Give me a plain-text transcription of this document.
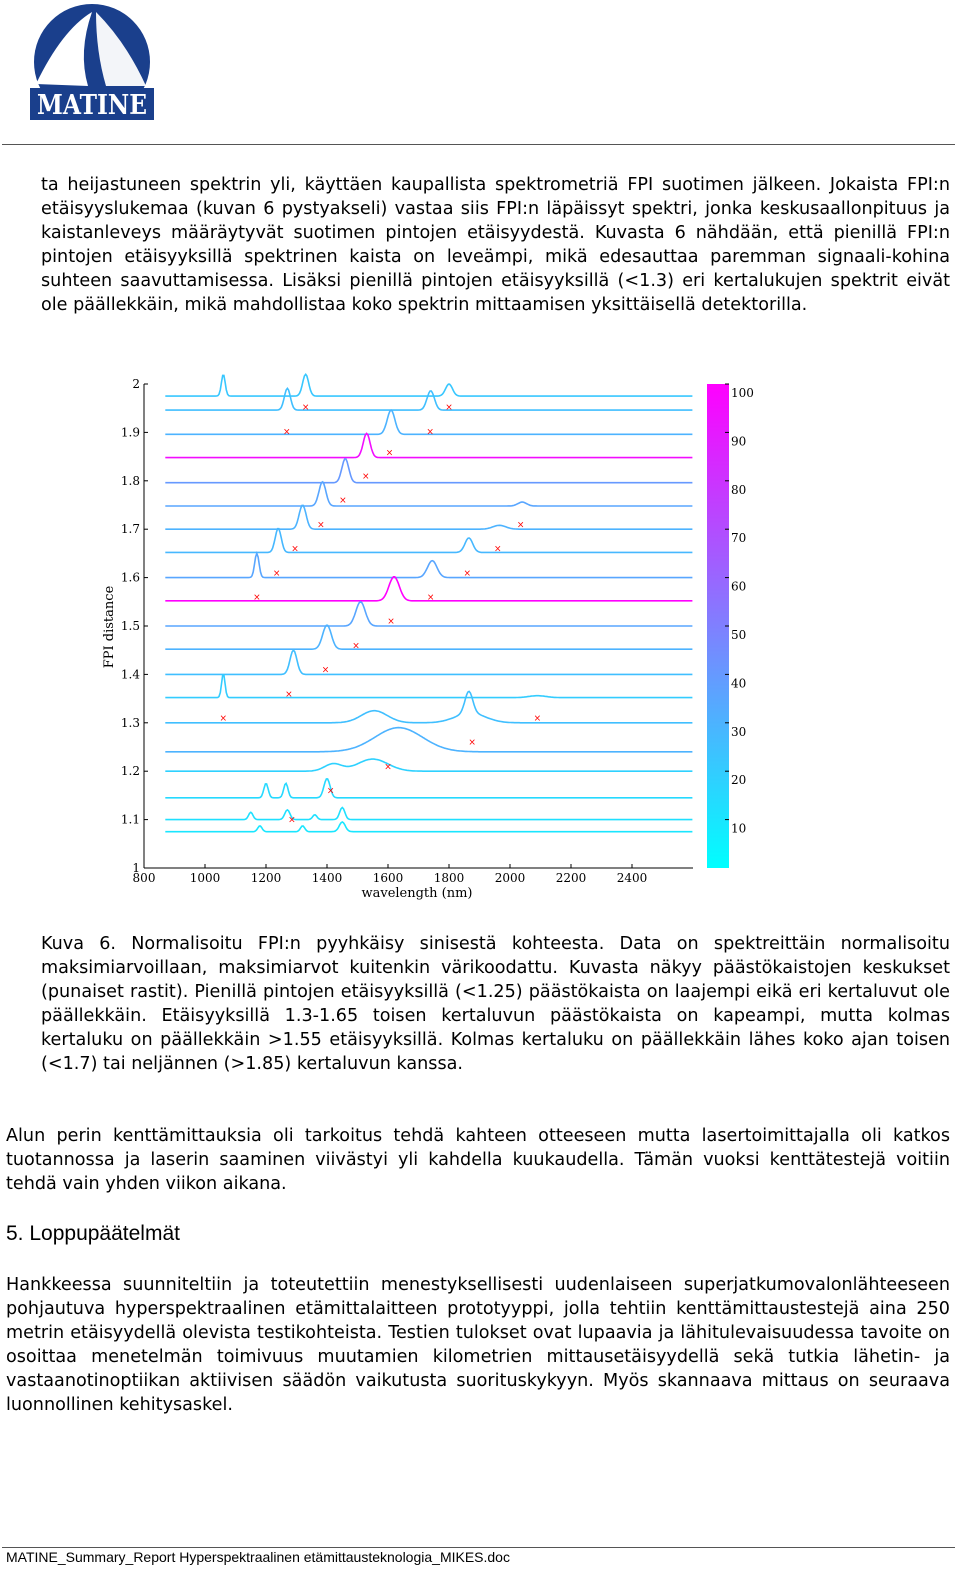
MATINE

ta heijastuneen spektrin yli, käyttäen kaupallista spektrometriä FPI suotimen jälkeen. Jokaista FPI:n etäisyyslukemaa (kuvan 6 pystyakseli) vastaa siis FPI:n läpäissyt spektri, jonka keskusaallonpituus ja kaistanleveys määräytyvät suotimen pintojen etäisyydestä. Kuvasta 6 nähdään, että pienillä FPI:n pintojen etäisyyksillä spektrinen kaista on leveämpi, mikä edesauttaa paremman signaali-kohina suhteen saavuttamisessa. Lisäksi pienillä pintojen etäisyyksillä (<1.3) eri kertalukujen spektrit eivät ole päällekkäin, mikä mahdollistaa koko spektrin mittaamisen yksittäisellä detektorilla.

×	×
×	×
×
×
×
×	×
×	×
×	×
×	×
×
×
×
×
×	×
×
×
×
×
800	1000	1200	1400	1600	1800	2000	2200	2400
1
1.1
1.2
1.3
1.4
1.5
1.6
1.7
1.8
1.9
2
FPI distance
wavelength (nm)
10
20
30
40
50
60
70
80
90
100

Kuva 6. Normalisoitu FPI:n pyyhkäisy sinisestä kohteesta. Data on spektreittäin normalisoitu maksimiarvoillaan, maksimiarvot kuitenkin värikoodattu. Kuvasta näkyy päästökaistojen keskukset (punaiset rastit). Pienillä pintojen etäisyyksillä (<1.25) päästökaista on laajempi eikä eri kertaluvut ole päällekkäin. Etäisyyksillä 1.3-1.65 toisen kertaluvun päästökaista on kapeampi, mutta kolmas kertaluku on päällekkäin >1.55 etäisyyksillä. Kolmas kertaluku on päällekkäin lähes koko ajan toisen (<1.7) tai neljännen (>1.85) kertaluvun kanssa.

Alun perin kenttämittauksia oli tarkoitus tehdä kahteen otteeseen mutta lasertoimittajalla oli katkos tuotannossa ja laserin saaminen viivästyi yli kahdella kuukaudella. Tämän vuoksi kenttätestejä voitiin tehdä vain yhden viikon aikana.

5. Loppupäätelmät

Hankkeessa suunniteltiin ja toteutettiin menestyksellisesti uudenlaiseen superjatkumovalonlähteeseen pohjautuva hyperspektraalinen etämittalaitteen prototyyppi, jolla tehtiin kenttämittaustestejä aina 250 metrin etäisyydellä olevista testikohteista. Testien tulokset ovat lupaavia ja lähitulevaisuudessa tavoite on osoittaa menetelmän toimivuus muutamien kilometrien mittausetäisyydellä sekä tutkia lähetin- ja vastaanotinoptiikan aktiivisen säädön vaikutusta suorituskykyyn. Myös skannaava mittaus on seuraava luonnollinen kehitysaskel.

MATINE_Summary_Report Hyperspektraalinen etämittausteknologia_MIKES.doc
